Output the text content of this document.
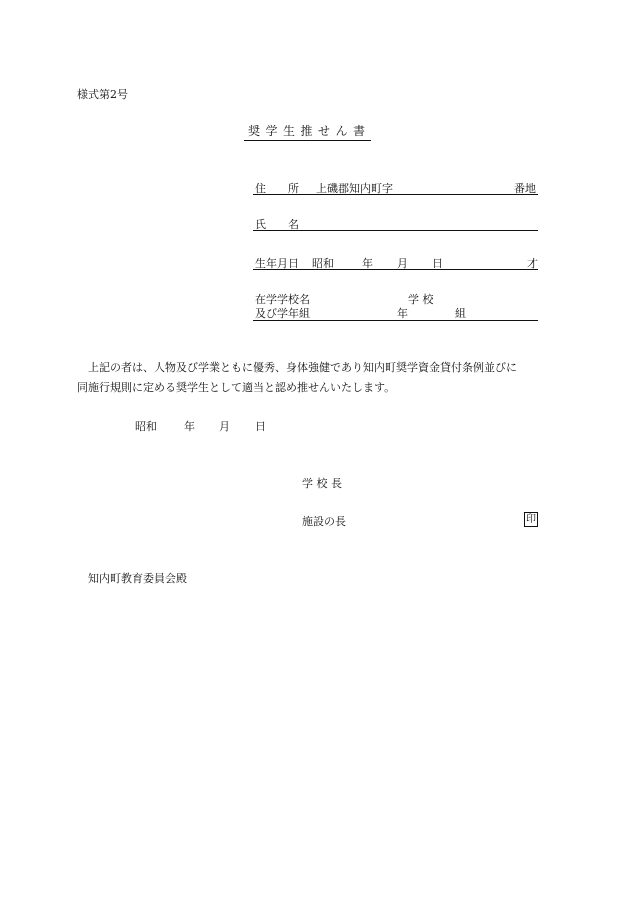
様式第2号
奨学生推せん書
住　　所 上磯郡知内町字	番地
氏　　名
生年月日 昭和	年 月 日	才
在学学校名	学 校
及び学年組	年	組
上記の者は、人物及び学業ともに優秀、身体強健であり知内町奨学資金貸付条例並びに
同施行規則に定める奨学生として適当と認め推せんいたします。
昭和 年 月 日
学 校 長
施設の長	印
知内町教育委員会殿
